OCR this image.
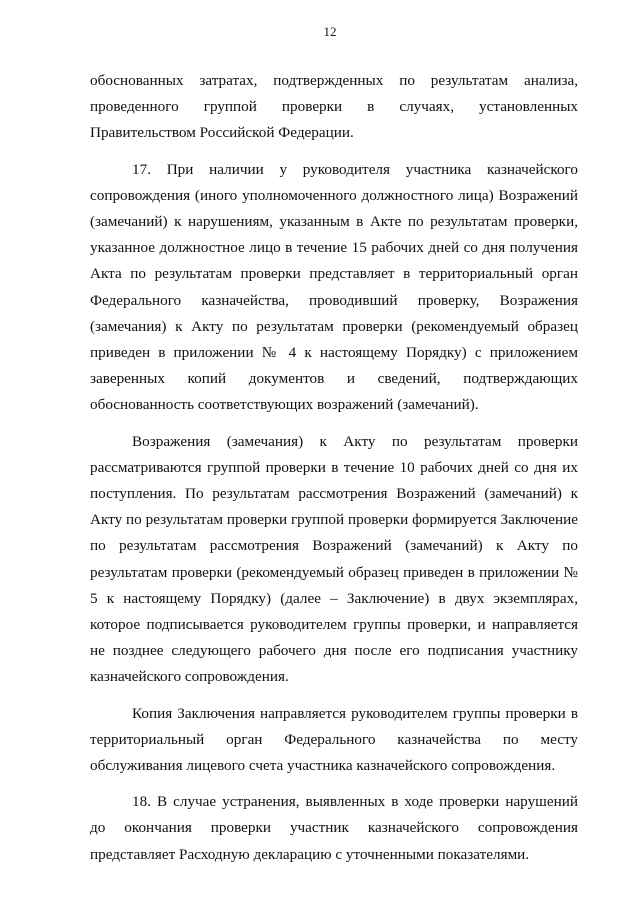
12

обоснованных затратах, подтвержденных по результатам анализа, проведенного группой проверки в случаях, установленных Правительством Российской Федерации.

17. При наличии у руководителя участника казначейского сопровождения (иного уполномоченного должностного лица) Возражений (замечаний) к нарушениям, указанным в Акте по результатам проверки, указанное должностное лицо в течение 15 рабочих дней со дня получения Акта по результатам проверки представляет в территориальный орган Федерального казначейства, проводивший проверку, Возражения (замечания) к Акту по результатам проверки (рекомендуемый образец приведен в приложении № 4 к настоящему Порядку) с приложением заверенных копий документов и сведений, подтверждающих обоснованность соответствующих возражений (замечаний).

Возражения (замечания) к Акту по результатам проверки рассматриваются группой проверки в течение 10 рабочих дней со дня их поступления. По результатам рассмотрения Возражений (замечаний) к Акту по результатам проверки группой проверки формируется Заключение по результатам рассмотрения Возражений (замечаний) к Акту по результатам проверки (рекомендуемый образец приведен в приложении № 5 к настоящему Порядку) (далее – Заключение) в двух экземплярах, которое подписывается руководителем группы проверки, и направляется не позднее следующего рабочего дня после его подписания участнику казначейского сопровождения.

Копия Заключения направляется руководителем группы проверки в территориальный орган Федерального казначейства по месту обслуживания лицевого счета участника казначейского сопровождения.

18. В случае устранения, выявленных в ходе проверки нарушений до окончания проверки участник казначейского сопровождения представляет Расходную декларацию с уточненными показателями.
